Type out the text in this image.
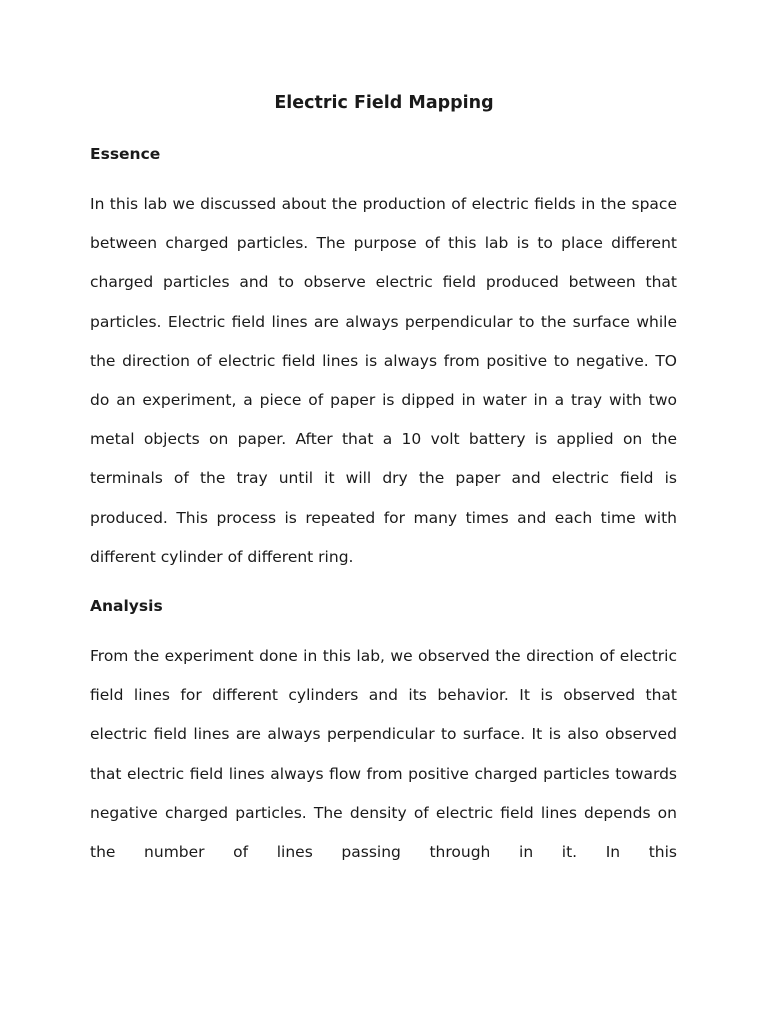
Electric Field Mapping
Essence

In this lab we discussed about the production of electric fields in the space between charged particles. The purpose of this lab is to place different charged particles and to observe electric field produced between that particles. Electric field lines are always perpendicular to the surface while the direction of electric field lines is always from positive to negative. TO do an experiment, a piece of paper is dipped in water in a tray with two metal objects on paper. After that a 10 volt battery is applied on the terminals of the tray until it will dry the paper and electric field is produced. This process is repeated for many times and each time with different cylinder of different ring.

Analysis

From the experiment done in this lab, we observed the direction of electric field lines for different cylinders and its behavior. It is observed that electric field lines are always perpendicular to surface. It is also observed that electric field lines always flow from positive charged particles towards negative charged particles. The density of electric field lines depends on the number of lines passing through in it. In this
